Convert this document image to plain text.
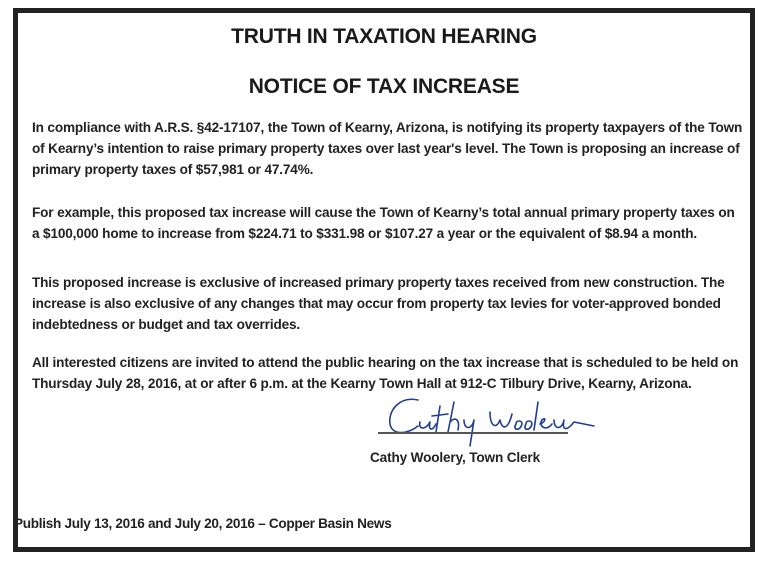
TRUTH IN TAXATION HEARING
NOTICE OF TAX INCREASE
In compliance with A.R.S. §42-17107, the Town of Kearny, Arizona, is notifying its property taxpayers of the Town of Kearny’s intention to raise primary property taxes over last year's level. The Town is proposing an increase of primary property taxes of $57,981 or 47.74%.
For example, this proposed tax increase will cause the Town of Kearny’s total annual primary property taxes on a $100,000 home to increase from $224.71 to $331.98 or $107.27 a year or the equivalent of $8.94 a month.
This proposed increase is exclusive of increased primary property taxes received from new construction. The increase is also exclusive of any changes that may occur from property tax levies for voter-approved bonded indebtedness or budget and tax overrides.
All interested citizens are invited to attend the public hearing on the tax increase that is scheduled to be held on Thursday July 28, 2016, at or after 6 p.m. at the Kearny Town Hall at 912-C Tilbury Drive, Kearny, Arizona.
Cathy Woolery, Town Clerk
Publish July 13, 2016 and July 20, 2016 – Copper Basin News
